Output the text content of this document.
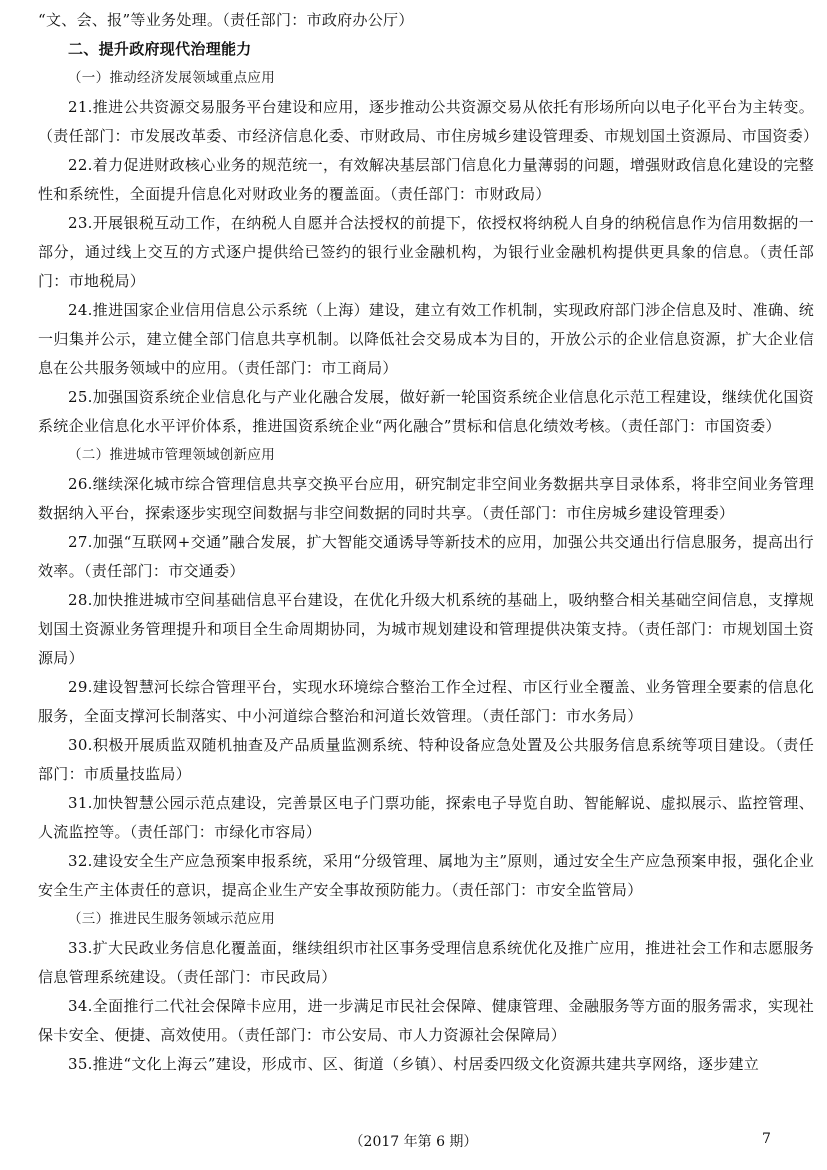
“文、会、报”等业务处理。（责任部门：市政府办公厅）

二、提升政府现代治理能力

（一）推动经济发展领域重点应用

21.推进公共资源交易服务平台建设和应用，逐步推动公共资源交易从依托有形场所向以电子化平台为主转变。（责任部门：市发展改革委、市经济信息化委、市财政局、市住房城乡建设管理委、市规划国土资源局、市国资委）

22.着力促进财政核心业务的规范统一，有效解决基层部门信息化力量薄弱的问题，增强财政信息化建设的完整性和系统性，全面提升信息化对财政业务的覆盖面。（责任部门：市财政局）

23.开展银税互动工作，在纳税人自愿并合法授权的前提下，依授权将纳税人自身的纳税信息作为信用数据的一部分，通过线上交互的方式逐户提供给已签约的银行业金融机构，为银行业金融机构提供更具象的信息。（责任部门：市地税局）

24.推进国家企业信用信息公示系统（上海）建设，建立有效工作机制，实现政府部门涉企信息及时、准确、统一归集并公示，建立健全部门信息共享机制。以降低社会交易成本为目的，开放公示的企业信息资源，扩大企业信息在公共服务领域中的应用。（责任部门：市工商局）

25.加强国资系统企业信息化与产业化融合发展，做好新一轮国资系统企业信息化示范工程建设，继续优化国资系统企业信息化水平评价体系，推进国资系统企业“两化融合”贯标和信息化绩效考核。（责任部门：市国资委）

（二）推进城市管理领域创新应用

26.继续深化城市综合管理信息共享交换平台应用，研究制定非空间业务数据共享目录体系，将非空间业务管理数据纳入平台，探索逐步实现空间数据与非空间数据的同时共享。（责任部门：市住房城乡建设管理委）

27.加强“互联网+交通”融合发展，扩大智能交通诱导等新技术的应用，加强公共交通出行信息服务，提高出行效率。（责任部门：市交通委）

28.加快推进城市空间基础信息平台建设，在优化升级大机系统的基础上，吸纳整合相关基础空间信息，支撑规划国土资源业务管理提升和项目全生命周期协同，为城市规划建设和管理提供决策支持。（责任部门：市规划国土资源局）

29.建设智慧河长综合管理平台，实现水环境综合整治工作全过程、市区行业全覆盖、业务管理全要素的信息化服务，全面支撑河长制落实、中小河道综合整治和河道长效管理。（责任部门：市水务局）

30.积极开展质监双随机抽查及产品质量监测系统、特种设备应急处置及公共服务信息系统等项目建设。（责任部门：市质量技监局）

31.加快智慧公园示范点建设，完善景区电子门票功能，探索电子导览自助、智能解说、虚拟展示、监控管理、人流监控等。（责任部门：市绿化市容局）

32.建设安全生产应急预案申报系统，采用“分级管理、属地为主”原则，通过安全生产应急预案申报，强化企业安全生产主体责任的意识，提高企业生产安全事故预防能力。（责任部门：市安全监管局）

（三）推进民生服务领域示范应用

33.扩大民政业务信息化覆盖面，继续组织市社区事务受理信息系统优化及推广应用，推进社会工作和志愿服务信息管理系统建设。（责任部门：市民政局）

34.全面推行二代社会保障卡应用，进一步满足市民社会保障、健康管理、金融服务等方面的服务需求，实现社保卡安全、便捷、高效使用。（责任部门：市公安局、市人力资源社会保障局）

35.推进“文化上海云”建设，形成市、区、街道（乡镇）、村居委四级文化资源共建共享网络，逐步建立

（2017 年第 6 期）	7
